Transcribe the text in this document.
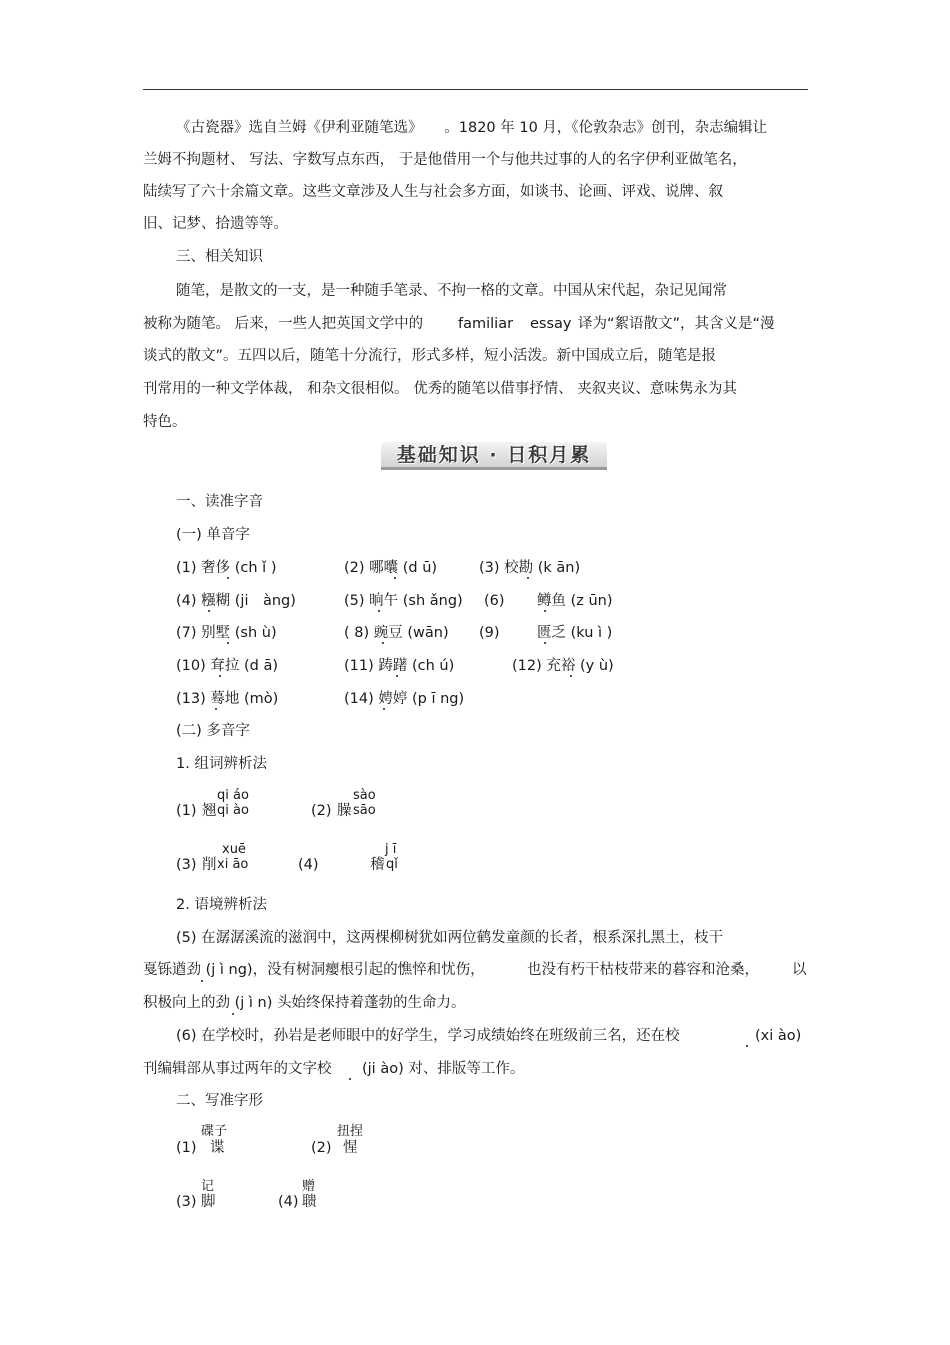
《古瓷器》选自兰姆《伊利亚随笔选》　　。1820 年 10 月，《伦敦杂志》创刊，杂志编辑让
兰姆不拘题材、 写法、字数写点东西， 于是他借用一个与他共过事的人的名字伊利亚做笔名，
陆续写了六十余篇文章。这些文章涉及人生与社会多方面，如谈书、论画、评戏、说牌、叙
旧、记梦、拾遗等等。
三、相关知识
随笔，是散文的一支，是一种随手笔录、不拘一格的文章。中国从宋代起，杂记见闻常
被称为随笔。 后来，一些人把英国文学中的 familiar essay 译为“絮语散文”，其含义是“漫
谈式的散文”。五四以后，随笔十分流行，形式多样，短小活泼。新中国成立后，随笔是报
刊常用的一种文学体裁， 和杂文很相似。 优秀的随笔以借事抒情、 夹叙夹议、意味隽永为其
特色。
基础知识 · 日积月累
一、读准字音
(一) 单音字
(1) 奢侈 (ch ǐ )	(2) 哪囔 (d ū)	(3) 校勘 (k ān)
(4) 糨糊 (ji　àng)	(5) 晌午 (sh ǎng) (6) 鳟鱼 (z ūn)
(7) 别墅 (sh ù)	( 8) 豌豆 (wān) (9)	匮乏 (ku ì )
(10) 耷拉 (d ā)	(11) 踌躇 (ch ú)	(12) 充裕 (y ù)
(13) 蓦地 (mò)	(14) 娉婷 (p ī ng)
(二) 多音字
1. 组词辨析法
qi áo
(1) 翘 qi ào
sào
(2) 臊 sāo
xuē
(3) 削 xi āo
j ī
(4)	稽 qǐ
2. 语境辨析法
(5) 在潺潺溪流的滋润中，这两棵柳树犹如两位鹤发童颜的长者，根系深扎黑土，枝干
戛铄遒劲 (j ì ng)，没有树洞瘿根引起的憔悴和忧伤，	也没有朽干枯枝带来的暮容和沧桑， 以
积极向上的劲 (j ì n) 头始终保持着蓬勃的生命力。
(6) 在学校时，孙岩是老师眼中的好学生，学习成绩始终在班级前三名，还在校	(xi ào)
刊编辑部从事过两年的文字校 (ji ào) 对、排版等工作。
二、写准字形
碟子
(1) 谍
扭捏
(2) 惺
记
(3) 脚
赠
(4) 聩
